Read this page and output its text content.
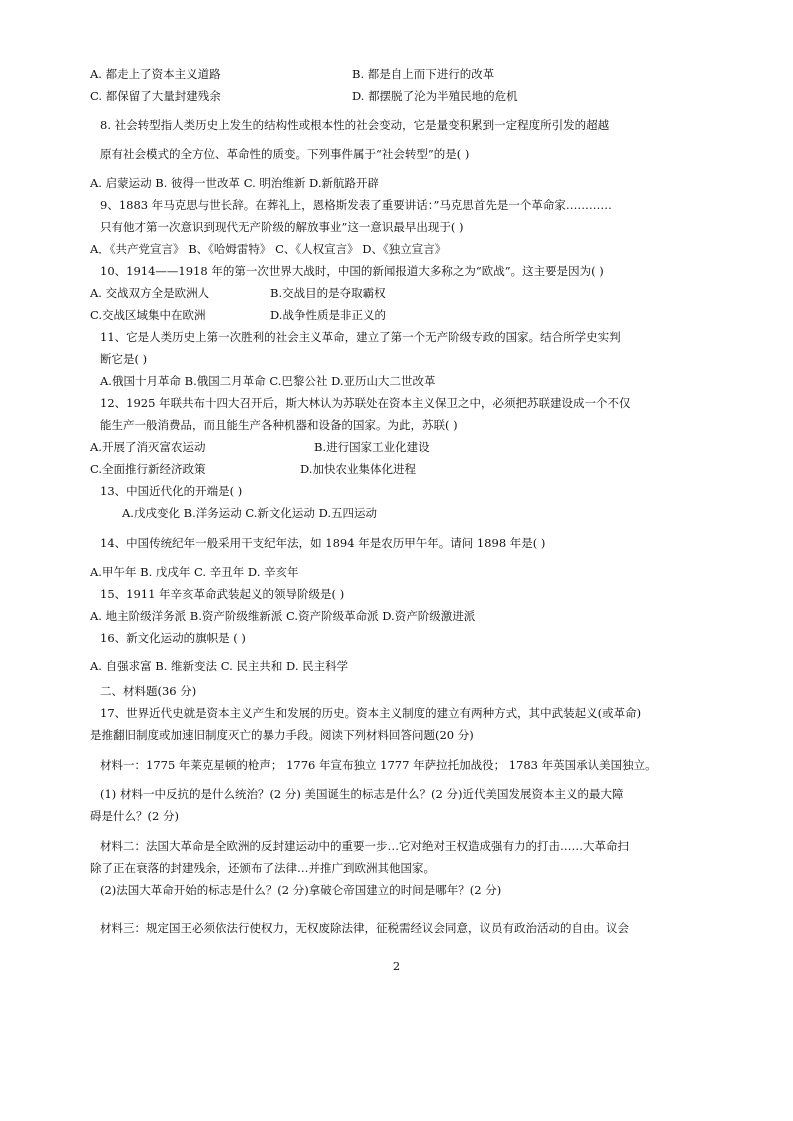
A. 都走上了资本主义道路	B. 都是自上而下进行的改革
C. 都保留了大量封建残余	D. 都摆脱了沦为半殖民地的危机
8. 社会转型指人类历史上发生的结构性或根本性的社会变动，它是量变积累到一定程度所引发的超越
原有社会模式的全方位、革命性的质变。下列事件属于“社会转型”的是( )
A. 启蒙运动 B. 彼得一世改革 C. 明治维新 D.新航路开辟
9、1883 年马克思与世长辞。在葬礼上，恩格斯发表了重要讲话：”马克思首先是一个革命家…………
只有他才第一次意识到现代无产阶级的解放事业”这一意识最早出现于( )
A．《共产党宣言》 B、《哈姆雷特》 C、《人权宣言》 D、《独立宣言》
10、1914——1918 年的第一次世界大战时，中国的新闻报道大多称之为“欧战”。这主要是因为( )
A. 交战双方全是欧洲人	B.交战目的是夺取霸权
C.交战区域集中在欧洲	D.战争性质是非正义的
11、它是人类历史上第一次胜利的社会主义革命，建立了第一个无产阶级专政的国家。结合所学史实判
断它是( )
A.俄国十月革命 B.俄国二月革命 C.巴黎公社 D.亚历山大二世改革
12、1925 年联共布十四大召开后，斯大林认为苏联处在资本主义保卫之中，必须把苏联建设成一个不仅
能生产一般消费品，而且能生产各种机器和设备的国家。为此，苏联( )
A.开展了消灭富农运动	B.进行国家工业化建设
C.全面推行新经济政策	D.加快农业集体化进程
13、中国近代化的开端是( )
A.戊戌变化 B.洋务运动 C.新文化运动 D.五四运动
14、中国传统纪年一般采用干支纪年法，如 1894 年是农历甲午年。请问 1898 年是( )
A.甲午年 B. 戊戌年 C. 辛丑年 D. 辛亥年
15、1911 年辛亥革命武装起义的领导阶级是( )
A. 地主阶级洋务派 B.资产阶级维新派 C.资产阶级革命派 D.资产阶级激进派
16、新文化运动的旗帜是 ( )
A. 自强求富 B. 维新变法 C. 民主共和 D. 民主科学
二、材料题(36 分)
17、世界近代史就是资本主义产生和发展的历史。资本主义制度的建立有两种方式，其中武装起义(或革命)
是推翻旧制度或加速旧制度灭亡的暴力手段。阅读下列材料回答问题(20 分)
材料一：1775 年莱克星顿的枪声； 1776 年宣布独立 1777 年萨拉托加战役； 1783 年英国承认美国独立。
(1) 材料一中反抗的是什么统治？(2 分) 美国诞生的标志是什么？(2 分)近代美国发展资本主义的最大障
碍是什么？(2 分)
材料二：法国大革命是全欧洲的反封建运动中的重要一步…它对绝对王权造成强有力的打击……大革命扫
除了正在衰落的封建残余，还颁布了法律…并推广到欧洲其他国家。
(2)法国大革命开始的标志是什么？(2 分)拿破仑帝国建立的时间是哪年？(2 分)
材料三：规定国王必须依法行使权力，无权废除法律，征税需经议会同意，议员有政治活动的自由。议会
2
